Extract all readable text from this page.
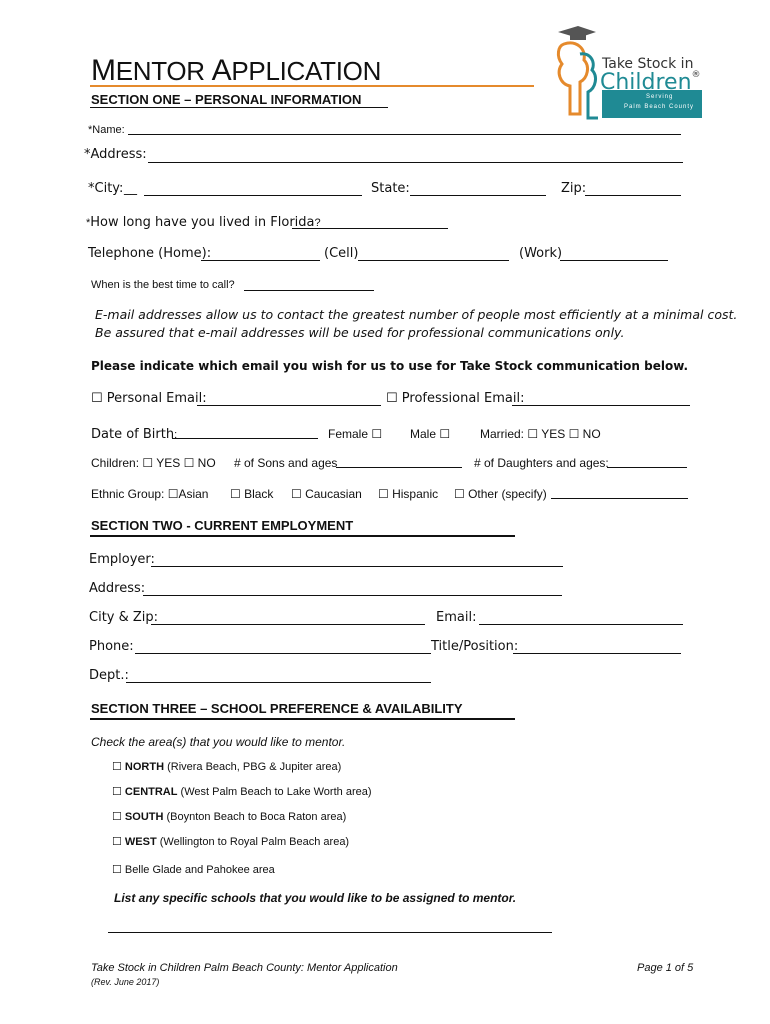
MENTOR APPLICATION	Take Stock in
Children®
Serving
Palm Beach County
SECTION ONE – PERSONAL INFORMATION
*Name:
*Address:
*City: __	State:	Zip:
*How long have you lived in Florida?
Telephone (Home):	(Cell)	(Work)
When is the best time to call?
E-mail addresses allow us to contact the greatest number of people most efficiently at a minimal cost.
Be assured that e-mail addresses will be used for professional communications only.
Please indicate which email you wish for us to use for Take Stock communication below.
☐ Personal Email:	☐ Professional Email:
Date of Birth:	Female ☐ Male ☐ Married: ☐ YES ☐ NO
Children: ☐ YES ☐ NO # of Sons and ages	# of Daughters and ages:
Ethnic Group: ☐Asian ☐ Black ☐ Caucasian ☐ Hispanic ☐ Other (specify)
SECTION TWO - CURRENT EMPLOYMENT
Employer:
Address:
City & Zip:	Email:
Phone:	Title/Position:
Dept.:
SECTION THREE – SCHOOL PREFERENCE & AVAILABILITY
Check the area(s) that you would like to mentor.
☐ NORTH (Rivera Beach, PBG & Jupiter area)
☐ CENTRAL (West Palm Beach to Lake Worth area)
☐ SOUTH (Boynton Beach to Boca Raton area)
☐ WEST (Wellington to Royal Palm Beach area)
☐ Belle Glade and Pahokee area
List any specific schools that you would like to be assigned to mentor.
Take Stock in Children Palm Beach County: Mentor Application
(Rev. June 2017)
Page 1 of 5
